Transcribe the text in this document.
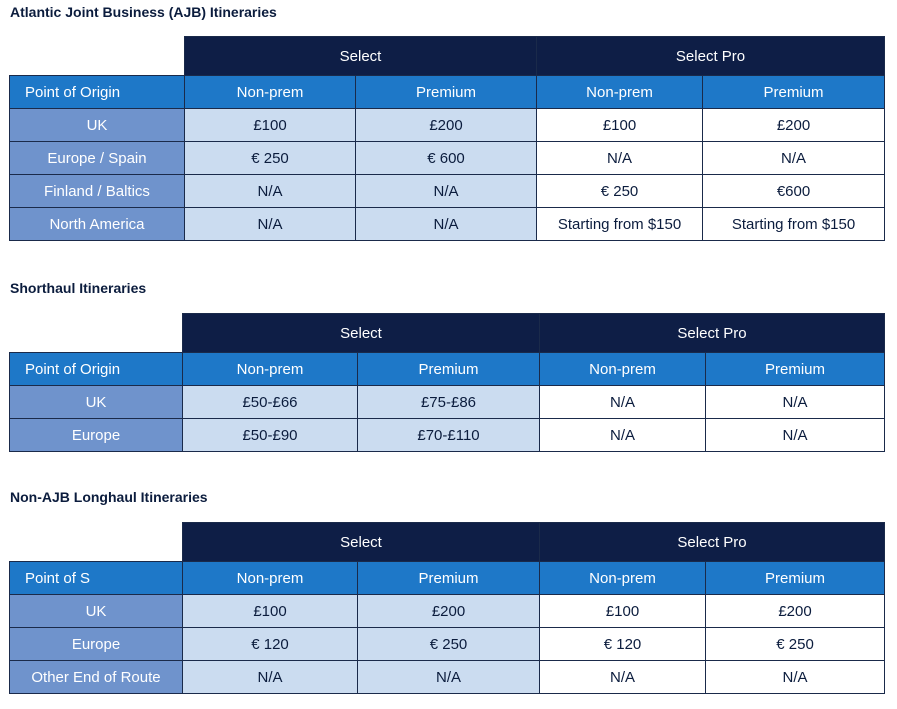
Atlantic Joint Business (AJB) Itineraries
	Select		Select Pro	
Point of Origin	Non-prem	Premium	Non-prem	Premium
UK	£100	£200	£100	£200
Europe / Spain	€ 250	€ 600	N/A	N/A
Finland / Baltics	N/A	N/A	€ 250	€600
North America	N/A	N/A	Starting from $150	Starting from $150
Shorthaul Itineraries
	Select		Select Pro	
Point of Origin	Non-prem	Premium	Non-prem	Premium
UK	£50-£66	£75-£86	N/A	N/A
Europe	£50-£90	£70-£110	N/A	N/A
Non-AJB Longhaul Itineraries
	Select		Select Pro	
Point of S	Non-prem	Premium	Non-prem	Premium
UK	£100	£200	£100	£200
Europe	€ 120	€ 250	€ 120	€ 250
Other End of Route	N/A	N/A	N/A	N/A
